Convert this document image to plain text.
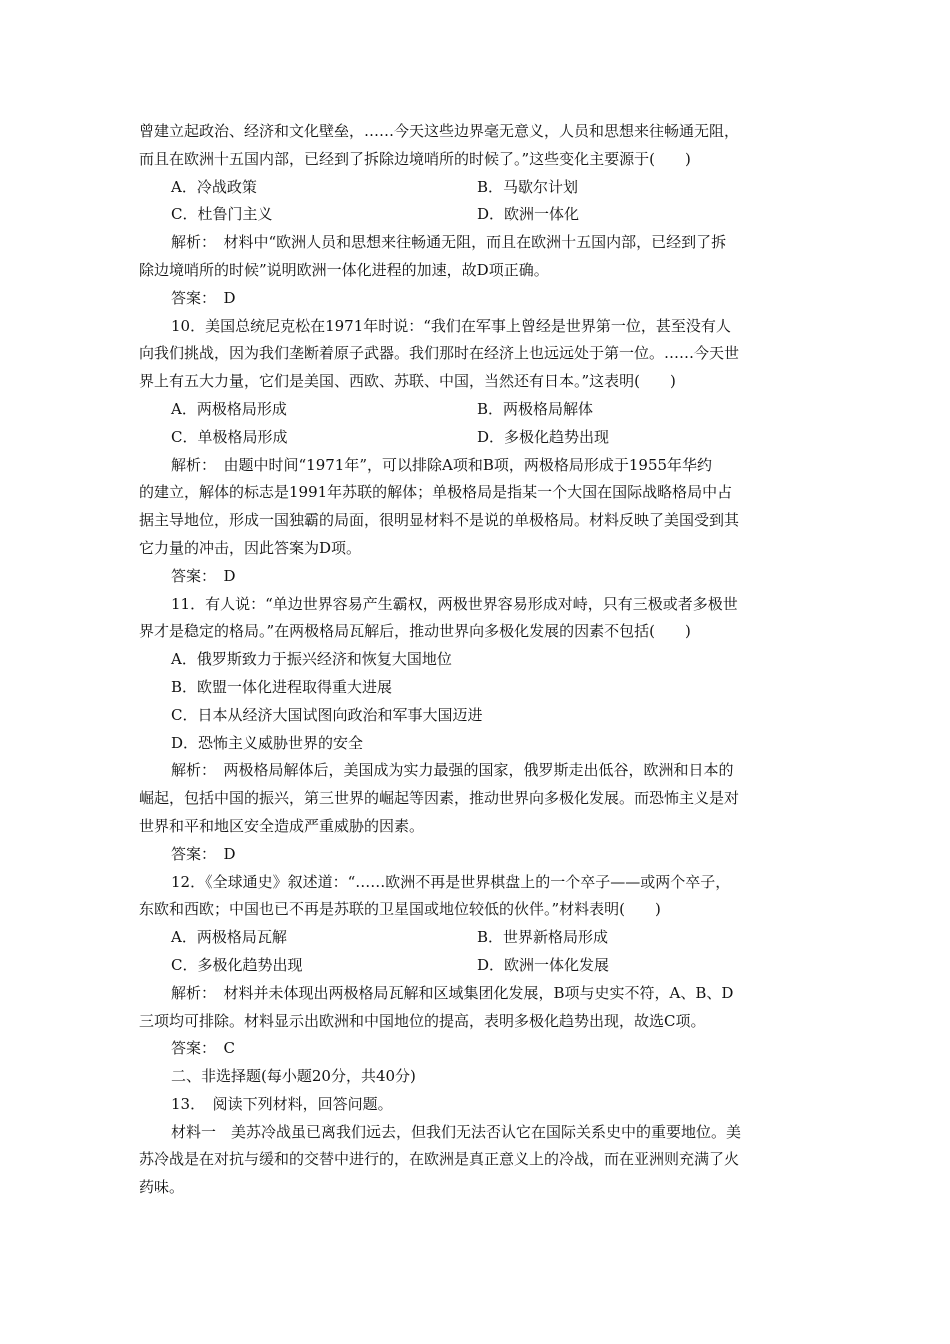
曾建立起政治、经济和文化壁垒，……今天这些边界毫无意义，人员和思想来往畅通无阻，
而且在欧洲十五国内部，已经到了拆除边境哨所的时候了。”这些变化主要源于(　　)
A．冷战政策	B．马歇尔计划
C．杜鲁门主义	D．欧洲一体化
解析：　材料中“欧洲人员和思想来往畅通无阻，而且在欧洲十五国内部，已经到了拆
除边境哨所的时候”说明欧洲一体化进程的加速，故D项正确。
答案：　D
10．美国总统尼克松在1971年时说：“我们在军事上曾经是世界第一位，甚至没有人
向我们挑战，因为我们垄断着原子武器。我们那时在经济上也远远处于第一位。……今天世
界上有五大力量，它们是美国、西欧、苏联、中国，当然还有日本。”这表明(　　)
A．两极格局形成	B．两极格局解体
C．单极格局形成	D．多极化趋势出现
解析：　由题中时间“1971年”，可以排除A项和B项，两极格局形成于1955年华约
的建立，解体的标志是1991年苏联的解体；单极格局是指某一个大国在国际战略格局中占
据主导地位，形成一国独霸的局面，很明显材料不是说的单极格局。材料反映了美国受到其
它力量的冲击，因此答案为D项。
答案：　D
11．有人说：“单边世界容易产生霸权，两极世界容易形成对峙，只有三极或者多极世
界才是稳定的格局。”在两极格局瓦解后，推动世界向多极化发展的因素不包括(　　)
A．俄罗斯致力于振兴经济和恢复大国地位
B．欧盟一体化进程取得重大进展
C．日本从经济大国试图向政治和军事大国迈进
D．恐怖主义威胁世界的安全
解析：　两极格局解体后，美国成为实力最强的国家，俄罗斯走出低谷，欧洲和日本的
崛起，包括中国的振兴，第三世界的崛起等因素，推动世界向多极化发展。而恐怖主义是对
世界和平和地区安全造成严重威胁的因素。
答案：　D
12．《全球通史》叙述道：“……欧洲不再是世界棋盘上的一个卒子——或两个卒子，
东欧和西欧；中国也已不再是苏联的卫星国或地位较低的伙伴。”材料表明(　　)
A．两极格局瓦解	B．世界新格局形成
C．多极化趋势出现	D．欧洲一体化发展
解析：　材料并未体现出两极格局瓦解和区域集团化发展，B项与史实不符，A、B、D
三项均可排除。材料显示出欧洲和中国地位的提高，表明多极化趋势出现，故选C项。
答案：　C
二、非选择题(每小题20分，共40分)
13．　阅读下列材料，回答问题。
材料一　美苏冷战虽已离我们远去，但我们无法否认它在国际关系史中的重要地位。美
苏冷战是在对抗与缓和的交替中进行的，在欧洲是真正意义上的冷战，而在亚洲则充满了火
药味。
